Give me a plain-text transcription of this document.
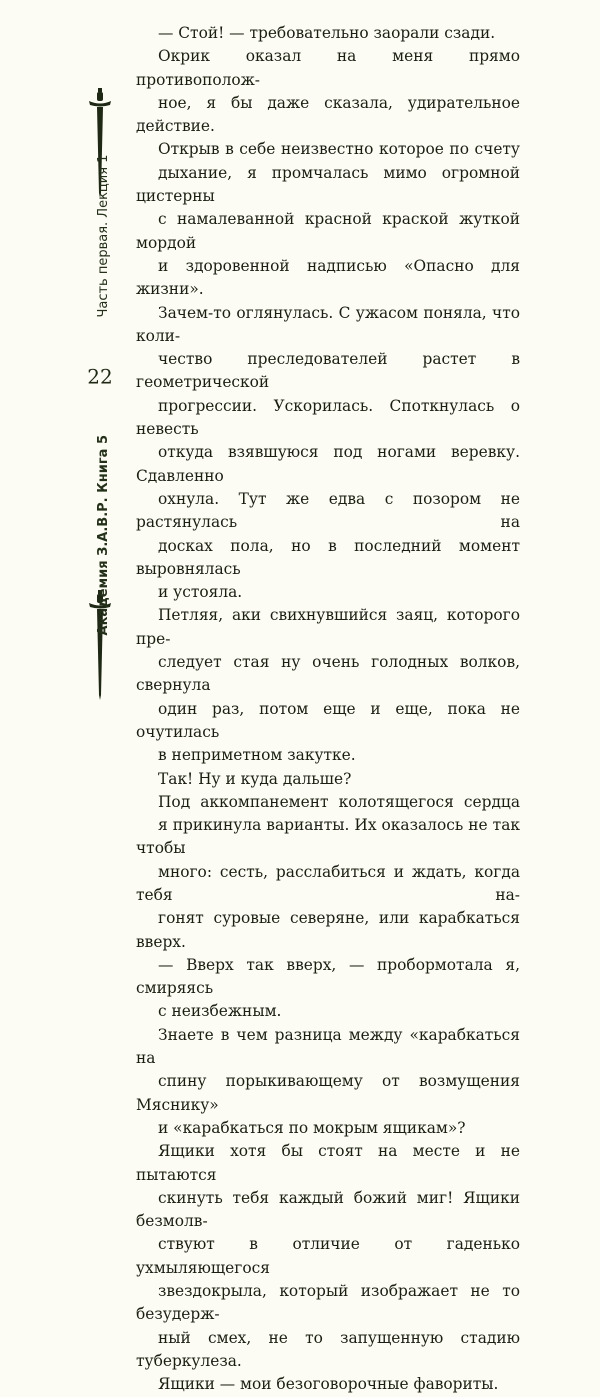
Академия З.А.В.Р. Книга 522Часть первая. Лекция 1

— Стой! — требовательно заорали сзади.

Окрик оказал на меня прямо противополож-
ное, я бы даже сказала, удирательное действие.

Открыв в себе неизвестно которое по счету
дыхание, я промчалась мимо огромной цистерны
с намалеванной красной краской жуткой мордой
и здоровенной надписью «Опасно для жизни».
Зачем-то оглянулась. С ужасом поняла, что коли-
чество преследователей растет в геометрической
прогрессии. Ускорилась. Споткнулась о невесть
откуда взявшуюся под ногами веревку. Сдавленно
охнула. Тут же едва с позором не растянулась на
досках пола, но в последний момент выровнялась
и устояла.

Петляя, аки свихнувшийся заяц, которого пре-
следует стая ну очень голодных волков, свернула
один раз, потом еще и еще, пока не очутилась
в неприметном закутке.

Так! Ну и куда дальше?

Под аккомпанемент колотящегося сердца
я прикинула варианты. Их оказалось не так чтобы
много: сесть, расслабиться и ждать, когда тебя на-
гонят суровые северяне, или карабкаться вверх.

— Вверх так вверх, — пробормотала я, смиряясь
с неизбежным.

Знаете в чем разница между «карабкаться на
спину порыкивающему от возмущения Мяснику»
и «карабкаться по мокрым ящикам»?

Ящики хотя бы стоят на месте и не пытаются
скинуть тебя каждый божий миг! Ящики безмолв-
ствуют в отличие от гаденько ухмыляющегося
звездокрыла, который изображает не то безудерж-
ный смех, не то запущенную стадию туберкулеза.
Ящики — мои безоговорочные фавориты.
